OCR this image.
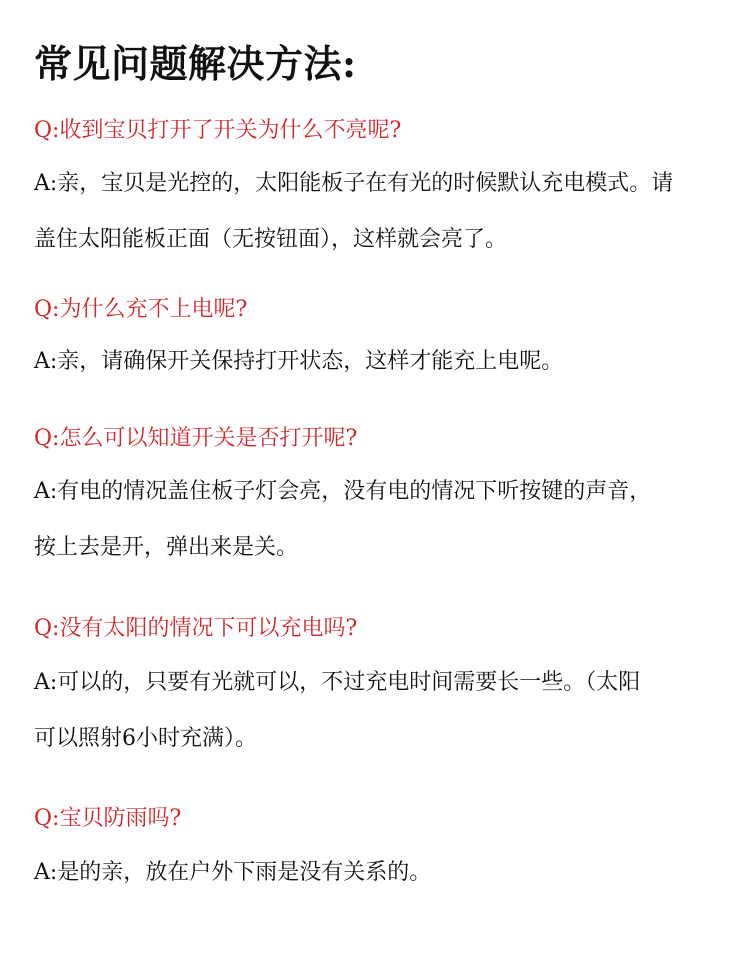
常见问题解决方法:
Q:收到宝贝打开了开关为什么不亮呢?
A:亲，宝贝是光控的，太阳能板子在有光的时候默认充电模式。请
盖住太阳能板正面（无按钮面），这样就会亮了。
Q:为什么充不上电呢?
A:亲，请确保开关保持打开状态，这样才能充上电呢。
Q:怎么可以知道开关是否打开呢?
A:有电的情况盖住板子灯会亮，没有电的情况下听按键的声音，
按上去是开，弹出来是关。
Q:没有太阳的情况下可以充电吗?
A:可以的，只要有光就可以，不过充电时间需要长一些。（太阳
可以照射6小时充满）。
Q:宝贝防雨吗?
A:是的亲，放在户外下雨是没有关系的。
